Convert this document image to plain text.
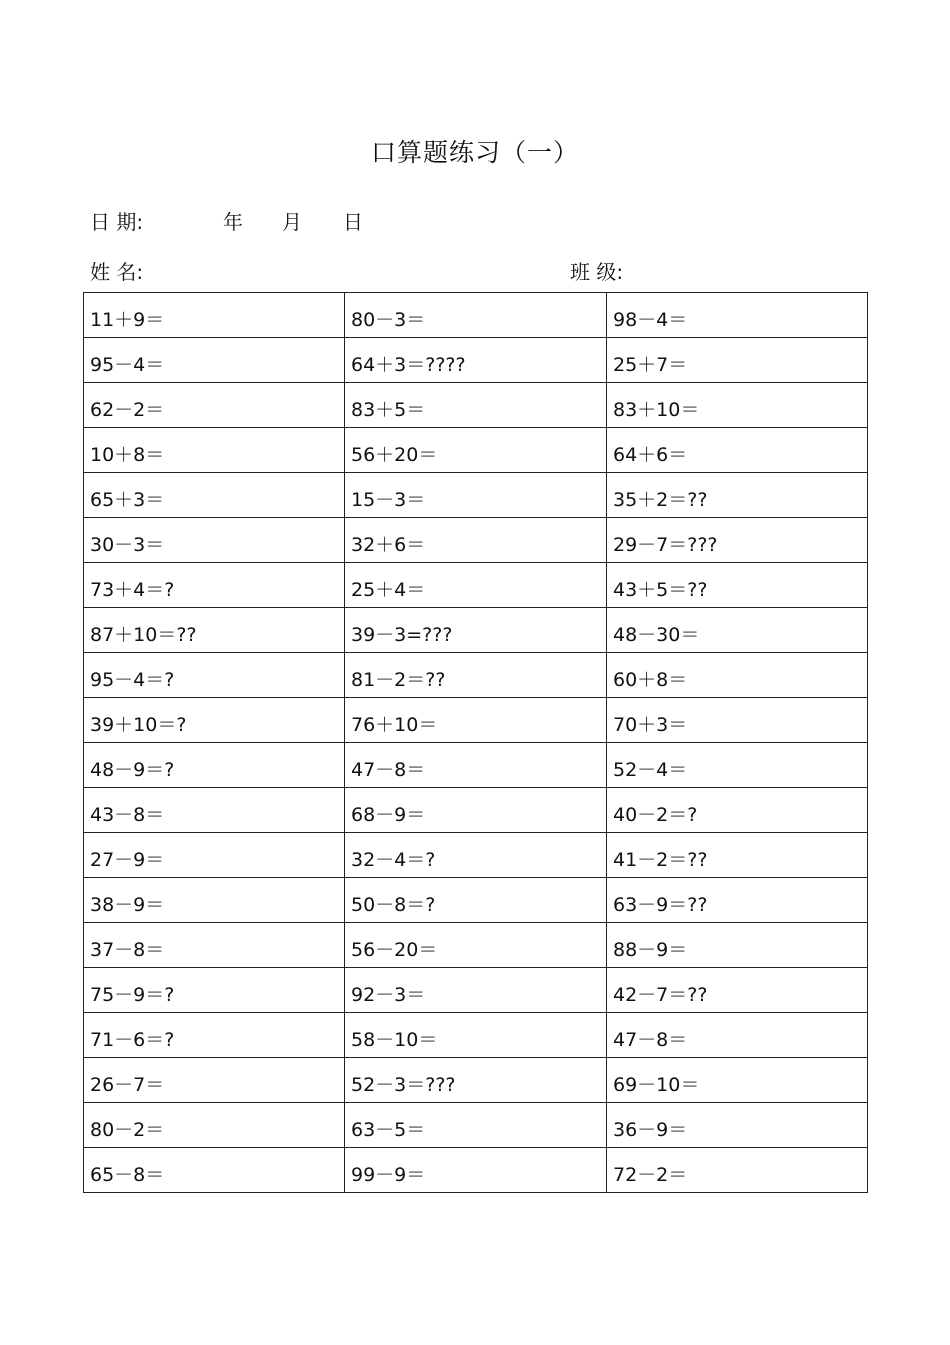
口算题练习（一）
日 期:	年 月 日
姓 名:	班 级:
11＋9＝	80－3＝	98－4＝
95－4＝	64＋3＝????	25＋7＝
62－2＝	83＋5＝	83＋10＝
10＋8＝	56＋20＝	64＋6＝
65＋3＝	15－3＝	35＋2＝??
30－3＝	32＋6＝	29－7＝???
73＋4＝?	25＋4＝	43＋5＝??
87＋10＝??	39－3=???	48－30＝
95－4＝?	81－2＝??	60＋8＝
39＋10＝?	76＋10＝	70＋3＝
48－9＝?	47－8＝	52－4＝
43－8＝	68－9＝	40－2＝?
27－9＝	32－4＝?	41－2＝??
38－9＝	50－8＝?	63－9＝??
37－8＝	56－20＝	88－9＝
75－9＝?	92－3＝	42－7＝??
71－6＝?	58－10＝	47－8＝
26－7＝	52－3＝???	69－10＝
80－2＝	63－5＝	36－9＝
65－8＝	99－9＝	72－2＝
